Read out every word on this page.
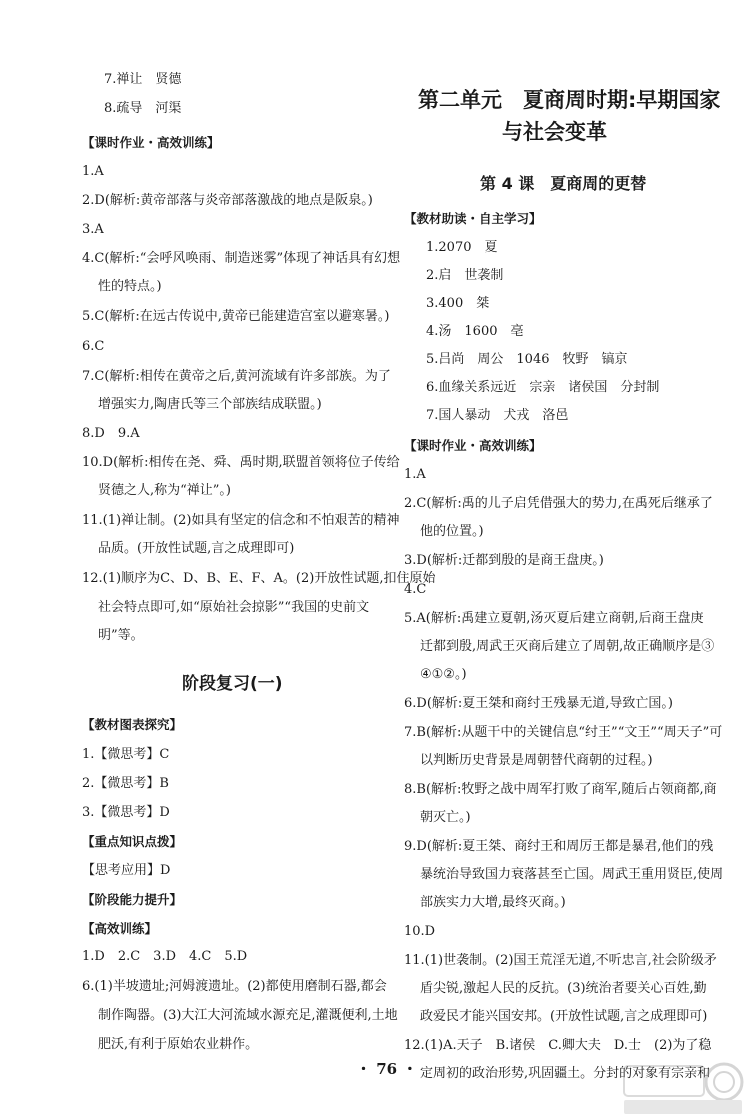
7.禅让　贤德
8.疏导　河渠
【课时作业・高效训练】
1.A
2.D(解析:黄帝部落与炎帝部落激战的地点是阪泉。)
3.A
4.C(解析:“会呼风唤雨、制造迷雾”体现了神话具有幻想
性的特点。)
5.C(解析:在远古传说中,黄帝已能建造宫室以避寒暑。)
6.C
7.C(解析:相传在黄帝之后,黄河流域有许多部族。为了
增强实力,陶唐氏等三个部族结成联盟。)
8.D　9.A
10.D(解析:相传在尧、舜、禹时期,联盟首领将位子传给
贤德之人,称为“禅让”。)
11.(1)禅让制。(2)如具有坚定的信念和不怕艰苦的精神
品质。(开放性试题,言之成理即可)
12.(1)顺序为C、D、B、E、F、A。(2)开放性试题,扣住原始
社会特点即可,如“原始社会掠影”“我国的史前文
明”等。
阶段复习(一)
【教材图表探究】
1.【微思考】C
2.【微思考】B
3.【微思考】D
【重点知识点拨】
【思考应用】D
【阶段能力提升】
【高效训练】
1.D　2.C　3.D　4.C　5.D
6.(1)半坡遗址;河姆渡遗址。(2)都使用磨制石器,都会
制作陶器。(3)大江大河流域水源充足,灌溉便利,土地
肥沃,有利于原始农业耕作。
第二单元　夏商周时期:早期国家
与社会变革
第 4 课　夏商周的更替
【教材助读・自主学习】
1.2070　夏
2.启　世袭制
3.400　桀
4.汤　1600　亳
5.吕尚　周公　1046　牧野　镐京
6.血缘关系远近　宗亲　诸侯国　分封制
7.国人暴动　犬戎　洛邑
【课时作业・高效训练】
1.A
2.C(解析:禹的儿子启凭借强大的势力,在禹死后继承了
他的位置。)
3.D(解析:迁都到殷的是商王盘庚。)
4.C
5.A(解析:禹建立夏朝,汤灭夏后建立商朝,后商王盘庚
迁都到殷,周武王灭商后建立了周朝,故正确顺序是③
④①②。)
6.D(解析:夏王桀和商纣王残暴无道,导致亡国。)
7.B(解析:从题干中的关键信息“纣王”“文王”“周天子”可
以判断历史背景是周朝替代商朝的过程。)
8.B(解析:牧野之战中周军打败了商军,随后占领商都,商
朝灭亡。)
9.D(解析:夏王桀、商纣王和周厉王都是暴君,他们的残
暴统治导致国力衰落甚至亡国。周武王重用贤臣,使周
部族实力大增,最终灭商。)
10.D
11.(1)世袭制。(2)国王荒淫无道,不听忠言,社会阶级矛
盾尖锐,激起人民的反抗。(3)统治者要关心百姓,勤
政爱民才能兴国安邦。(开放性试题,言之成理即可)
12.(1)A.天子　B.诸侯　C.卿大夫　D.士　(2)为了稳
定周初的政治形势,巩固疆土。分封的对象有宗亲和
・ 76 ・
